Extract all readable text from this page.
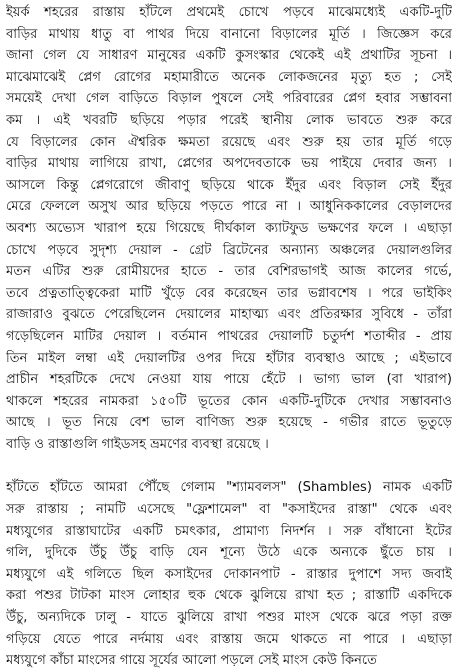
ইয়র্ক শহরের রাস্তায় হাঁটলে প্রথমেই চোখে পড়বে মাঝেমধ্যেই একটি-দুটি
বাড়ির মাথায় ধাতু বা পাথর দিয়ে বানানো বিড়ালের মূর্তি । জিজ্ঞেস করে
জানা গেল যে সাধারণ মানুষের একটি কুসংস্কার থেকেই এই প্রথাটির সূচনা ।
মাঝেমাঝেই প্লেগ রোগের মহামারীতে অনেক লোকজনের মৃত্যু হত ; সেই
সময়েই দেখা গেল বাড়িতে বিড়াল পুষলে সেই পরিবারের প্লেগ হবার সম্ভাবনা
কম । এই খবরটি ছড়িয়ে পড়ার পরেই স্থানীয় লোক ভাবতে শুরু করে
যে বিড়ালের কোন ঐশ্বরিক ক্ষমতা রয়েছে এবং শুরু হয় তার মূর্তি গড়ে
বাড়ির মাথায় লাগিয়ে রাখা, প্লেগের অপদেবতাকে ভয় পাইয়ে দেবার জন্য ।
আসলে কিন্তু প্লেগরোগে জীবাণু ছড়িয়ে থাকে ইঁদুর এবং বিড়াল সেই ইঁদুর
মেরে ফেললে অসুখ আর ছড়িয়ে পড়তে পারে না । আধুনিককালের বেড়ালদের
অবশ্য অভ্যেস খারাপ হয়ে গিয়েছে দীর্ঘকাল ক্যাটফুড ভক্ষণের ফলে । এছাড়া
চোখে পড়বে সুদৃশ্য দেয়াল - গ্রেট ব্রিটেনের অন্যান্য অঞ্চলের দেয়ালগুলির
মতন এটির শুরু রোমীয়দের হাতে - তার বেশিরভাগই আজ কালের গর্ভে,
তবে প্রত্নতাত্ত্বিকেরা মাটি খুঁড়ে বের করেছেন তার ভগ্নাবশেষ । পরে ভাইকিং
রাজারাও বুঝতে পেরেছিলেন দেয়ালের মাহাত্ম্য এবং প্রতিরক্ষার সুবিধে - তাঁরা
গড়েছিলেন মাটির দেয়াল । বর্তমান পাথরের দেয়ালটি চতুর্দশ শতাব্দীর - প্রায়
তিন মাইল লম্বা এই দেয়ালটির ওপর দিয়ে হাঁটার ব্যবস্থাও আছে ; এইভাবে
প্রাচীন শহরটিকে দেখে নেওয়া যায় পায়ে হেঁটে । ভাগ্য ভাল (বা খারাপ)
থাকলে শহরের নামকরা ১৫০টি ভূতের কোন একটি-দুটিকে দেখার সম্ভাবনাও
আছে । ভূত নিয়ে বেশ ভাল বাণিজ্য শুরু হয়েছে - গভীর রাতে ভূতুড়ে
বাড়ি ও রাস্তাগুলি গাইডসহ ভ্রমণের ব্যবস্থা রয়েছে ।
হাঁটতে হাঁটতে আমরা পৌঁছে গেলাম "শ্যামবলস" (Shambles) নামক একটি
সরু রাস্তায় ; নামটি এসেছে "ফ্লেশামেল" বা "কসাইদের রাস্তা" থেকে এবং
মধ্যযুগের রাস্তাঘাটের একটি চমৎকার, প্রামাণ্য নিদর্শন । সরু বাঁধানো ইটের
গলি, দুদিকে উঁচু উঁচু বাড়ি যেন শূন্যে উঠে একে অন্যকে ছুঁতে চায় ।
মধ্যযুগে এই গলিতে ছিল কসাইদের দোকানপাট - রাস্তার দুপাশে সদ্য জবাই
করা পশুর টাটকা মাংস লোহার হুক থেকে ঝুলিয়ে রাখা হত ; রাস্তাটি একদিকে
উঁচু, অন্যদিকে ঢালু - যাতে ঝুলিয়ে রাখা পশুর মাংস থেকে ঝরে পড়া রক্ত
গড়িয়ে যেতে পারে নর্দমায় এবং রাস্তায় জমে থাকতে না পারে । এছাড়া
মধ্যযুগে কাঁচা মাংসের গায়ে সূর্যের আলো পড়লে সেই মাংস কেউ কিনতে
